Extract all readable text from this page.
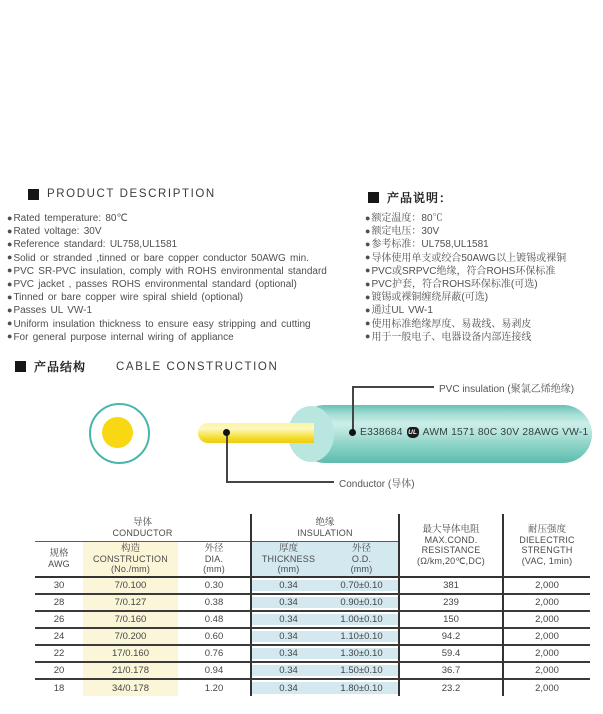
PRODUCT DESCRIPTION	产品说明：
● Rated temperature: 80℃
● Rated voltage: 30V
● Reference standard: UL758,UL1581
● Solid or stranded ,tinned or bare copper conductor 50AWG min.
● PVC SR-PVC insulation, comply with ROHS environmental standard
● PVC jacket , passes ROHS environmental standard (optional)
● Tinned or bare copper wire spiral shield (optional)
● Passes UL VW-1
● Uniform insulation thickness to ensure easy stripping and cutting
● For general purpose internal wiring of appliance
● 额定温度：80℃
● 额定电压：30V
● 参考标准：UL758,UL1581
● 导体使用单支或绞合50AWG以上镀锡或裸铜
● PVC或SRPVC绝缘，符合ROHS环保标准
● PVC护套，符合ROHS环保标准(可选)
● 镀锡或裸铜缠绕屏蔽(可选)
● 通过UL VW-1
● 使用标准绝缘厚度、易裁线、易剥皮
● 用于一般电子、电器设备内部连接线
产品结构	CABLE CONSTRUCTION
E338684 UL AWM 1571 80C 30V 28AWG VW-1
PVC insulation (聚氯乙烯绝缘)
Conductor (导体)
导体
CONDUCTOR			绝缘
INSULATION		最大导体电阻
MAX.COND.
RESISTANCE
(Ω/km,20℃,DC)	耐压强度
DIELECTRIC
STRENGTH
(VAC, 1min)

规格
AWG	构造
CONSTRUCTION
(No./mm)	外径
DIA.
(mm)	厚度
THICKNESS
(mm)	外径
O.D.
(mm)		

30	7/0.100	0.30	0.34	0.70±0.10	381	2,000
28	7/0.127	0.38	0.34	0.90±0.10	239	2,000
26	7/0.160	0.48	0.34	1.00±0.10	150	2,000
24	7/0.200	0.60	0.34	1.10±0.10	94.2	2,000
22	17/0.160	0.76	0.34	1.30±0.10	59.4	2,000
20	21/0.178	0.94	0.34	1.50±0.10	36.7	2,000
18	34/0.178	1.20	0.34	1.80±0.10	23.2	2,000
